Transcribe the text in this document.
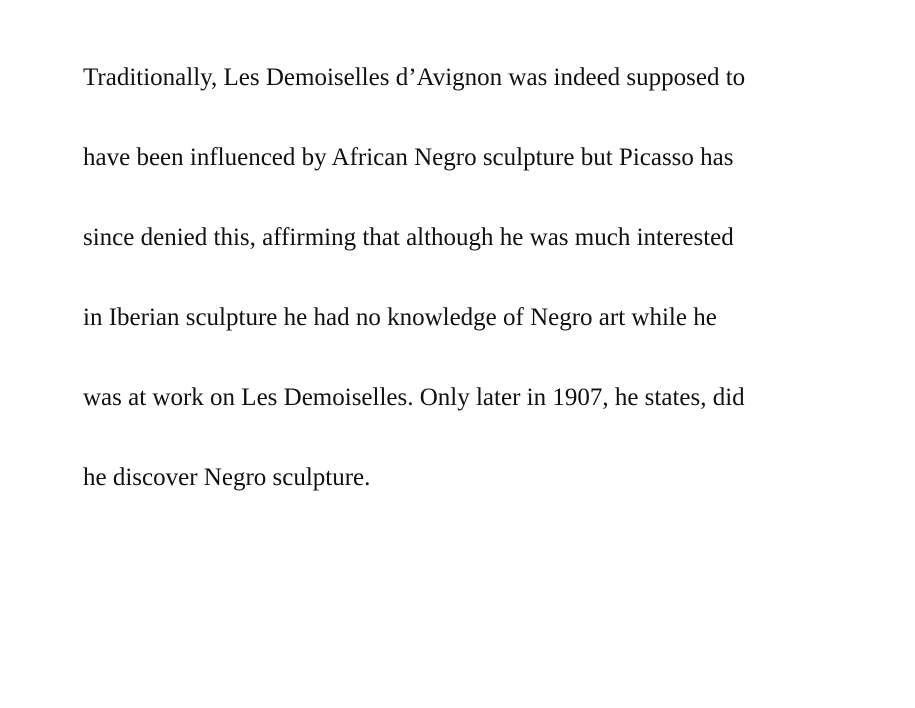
Traditionally, Les Demoiselles d’Avignon was indeed supposed to
have been influenced by African Negro sculpture but Picasso has
since denied this, affirming that although he was much interested
in Iberian sculpture he had no knowledge of Negro art while he
was at work on Les Demoiselles. Only later in 1907, he states, did
he discover Negro sculpture.
